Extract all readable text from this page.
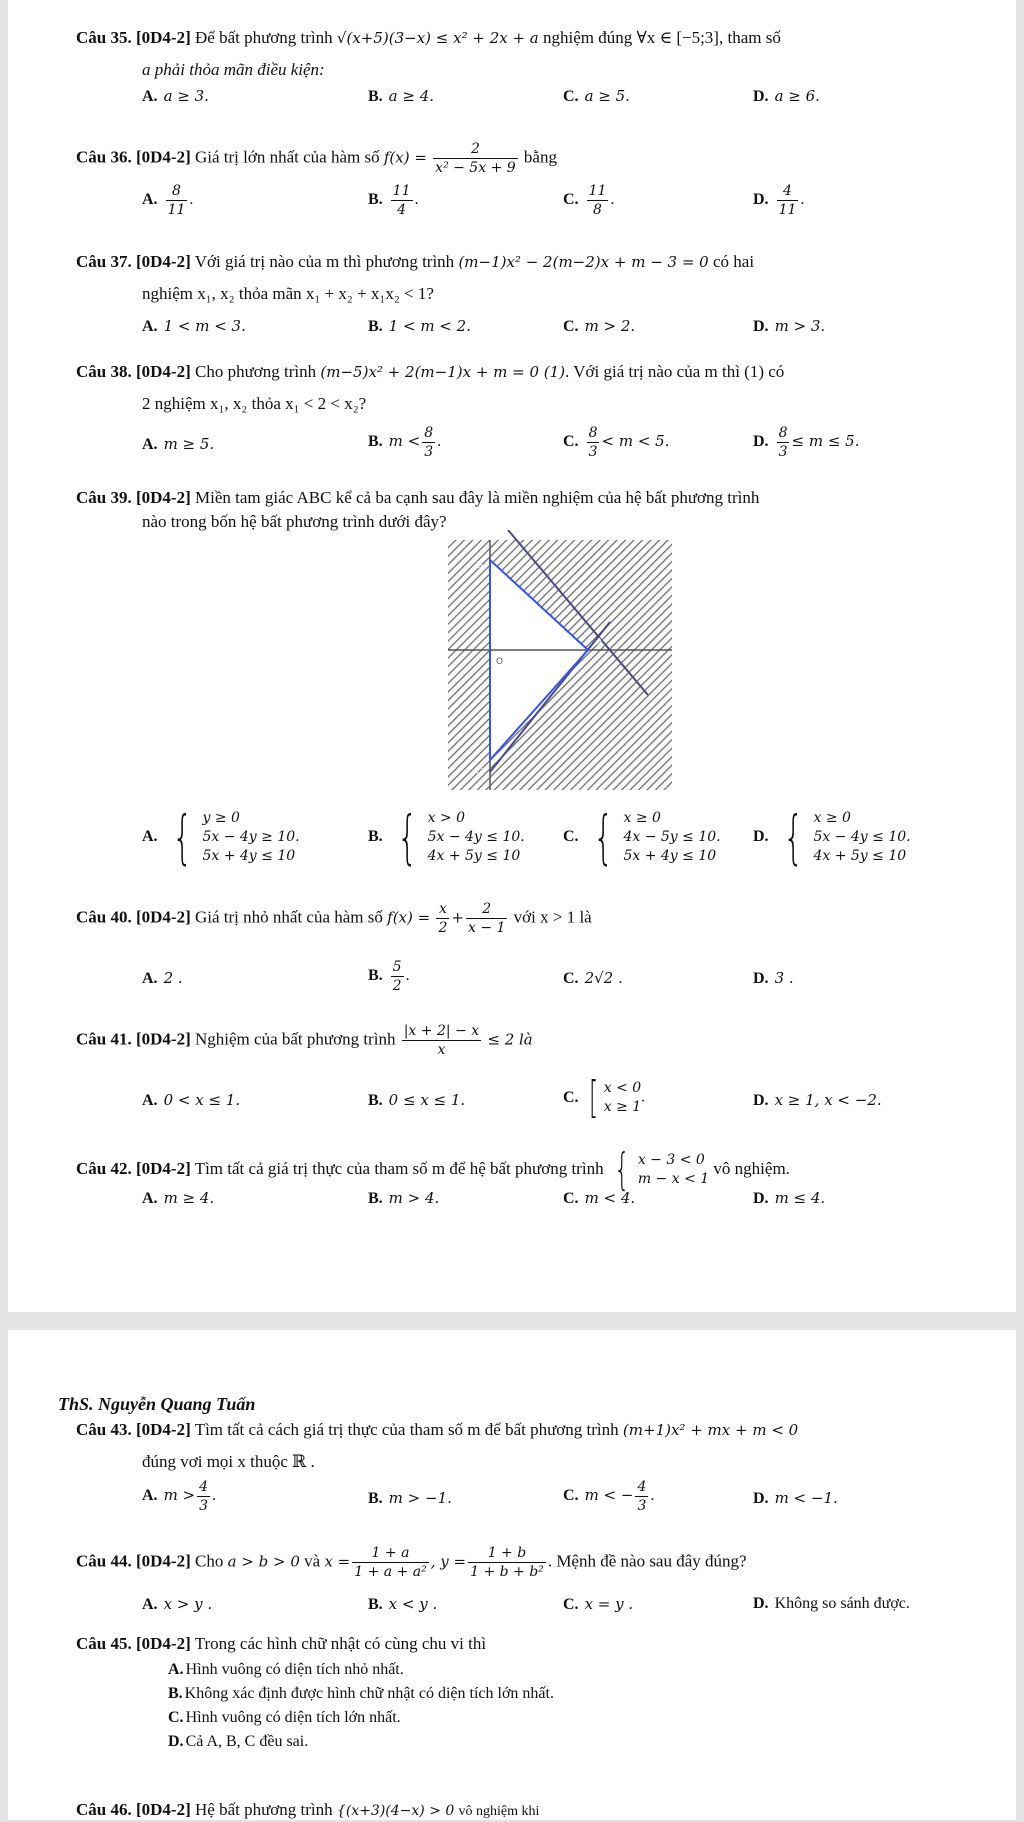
Câu 35. [0D4-2] Để bất phương trình √(x+5)(3−x) ≤ x² + 2x + a nghiệm đúng ∀x ∈ [−5;3], tham số
a phải thỏa mãn điều kiện:
A. a ≥ 3.	B. a ≥ 4.	C. a ≥ 5.	D. a ≥ 6.
Câu 36. [0D4-2] Giá trị lớn nhất của hàm số $f(x) = \frac{2}{\text{x² − 5x + 9}}$ bằng
A. $\frac{8}{11}$ .	B. $\frac{11}{4}$ .	C. $\frac{11}{8}$ .	D. $\frac{4}{11}$ .
Câu 37. [0D4-2] Với giá trị nào của m thì phương trình (m−1)x² − 2(m−2)x + m − 3 = 0 có hai
nghiệm x₁, x₂ thỏa mãn x₁ + x₂ + x₁x₂ < 1?
A. 1 < m < 3.	B. 1 < m < 2.	C. m > 2.	D. m > 3.
Câu 38. [0D4-2] Cho phương trình (m−5)x² + 2(m−1)x + m = 0 (1). Với giá trị nào của m thì (1) có
2 nghiệm x₁, x₂ thỏa x₁ < 2 < x₂?
A. m ≥ 5.	B. $m < \frac{8}{3}$ .	C. $\frac{8}{3} < m < 5$.	D. $\frac{8}{3} \le m \le 5$.
Câu 39. [0D4-2] Miền tam giác ABC kể cả ba cạnh sau đây là miền nghiệm của hệ bất phương trình
nào trong bốn hệ bất phương trình dưới đây?
B
A
O
C
A. { y ≥ 0
5x − 4y ≥ 10.
5x + 4y ≤ 10
B. { x > 0
5x − 4y ≤ 10.
4x + 5y ≤ 10
C. { x ≥ 0
4x − 5y ≤ 10.
5x + 4y ≤ 10
D. { x ≥ 0
5x − 4y ≤ 10.
4x + 5y ≤ 10
Câu 40. [0D4-2] Giá trị nhỏ nhất của hàm số $f(x) = \frac{x}{2} + \frac{2}{x - 1}$ với x > 1 là
A. 2 .	B. $\frac{5}{2}$ .	C. 2√2 .	D. 3 .
Câu 41. [0D4-2] Nghiệm của bất phương trình $\frac{|x + 2| - x}{x} \le 2$ là
A. 0 < x ≤ 1.	B. 0 ≤ x ≤ 1.	C. [ x < 0
x ≥ 1
.	D. x ≥ 1, x < −2.
Câu 42. [0D4-2] Tìm tất cả giá trị thực của tham số m để hệ bất phương trình { x − 3 < 0
m − x < 1
vô nghiệm.
A. m ≥ 4.	B. m > 4.	C. m < 4.	D. m ≤ 4.
ThS. Nguyễn Quang Tuấn
Câu 43. [0D4-2] Tìm tất cả cách giá trị thực của tham số m để bất phương trình (m+1)x² + mx + m < 0
đúng vơi mọi x thuộc ℝ .
A. $m > \frac{4}{3}$ .	B. m > −1.	C. m < − $\frac{4}{3}$ .	D. m < −1.
Câu 44. [0D4-2] Cho a > b > 0 và $x = \frac{1 + a}{\text{1 + a + a²}}$ , $y = \frac{1 + b}{\text{1 + b + b²}}$ . Mệnh đề nào sau đây đúng?
A. x > y .	B. x < y .	C. x = y .	D. Không so sánh được.
Câu 45. [0D4-2] Trong các hình chữ nhật có cùng chu vi thì
A. Hình vuông có diện tích nhỏ nhất.
B. Không xác định được hình chữ nhật có diện tích lớn nhất.
C. Hình vuông có diện tích lớn nhất.
D. Cả A, B, C đều sai.
Câu 46. [0D4-2] Hệ bất phương trình {(x+3)(4−x) > 0 vô nghiệm khi
